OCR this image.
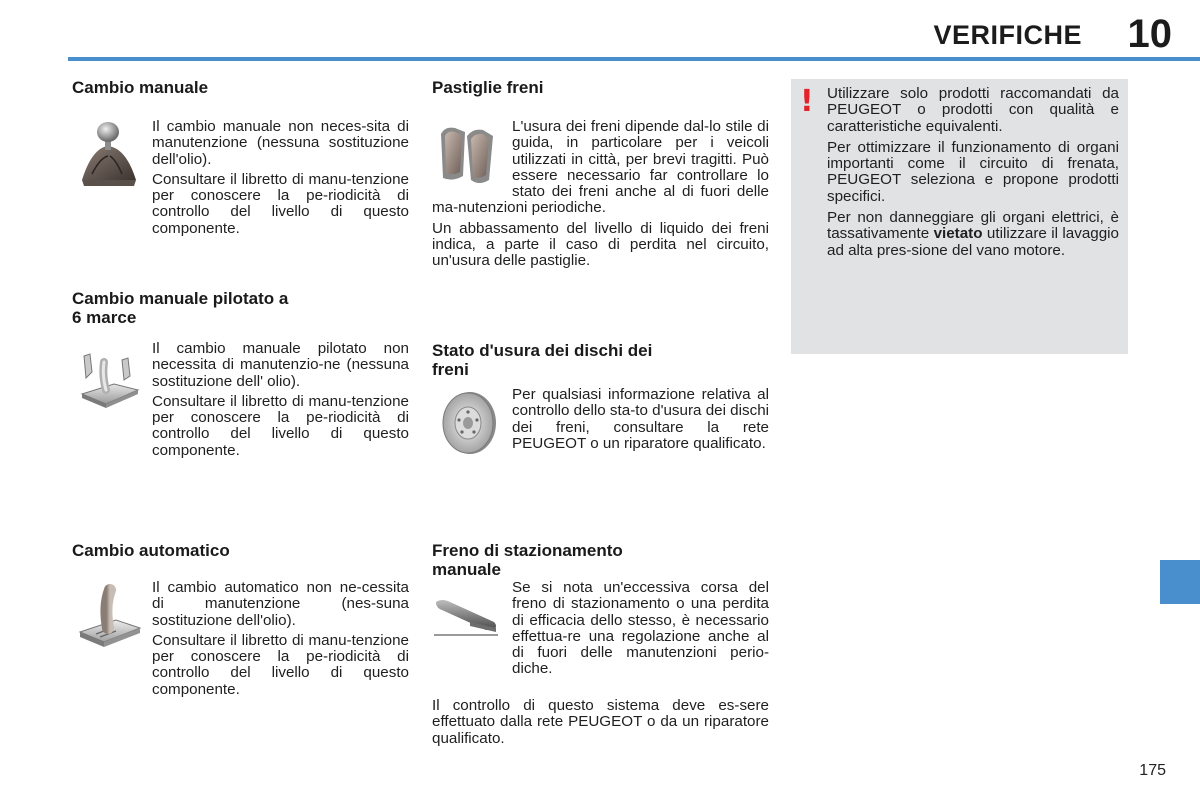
VERIFICHE 10
Cambio manuale

Il cambio manuale non neces-sita di manutenzione (nessuna sostituzione dell'olio).

Consultare il libretto di manu-tenzione per conoscere la pe-riodicità di controllo del livello di questo componente.

Cambio manuale pilotato a
6 marce

Il cambio manuale pilotato non necessita di manutenzio-ne (nessuna sostituzione dell' olio).

Consultare il libretto di manu-tenzione per conoscere la pe-riodicità di controllo del livello di questo componente.

Cambio automatico

Il cambio automatico non ne-cessita di manutenzione (nes-suna sostituzione dell'olio).

Consultare il libretto di manu-tenzione per conoscere la pe-riodicità di controllo del livello di questo componente.

Pastiglie freni

L'usura dei freni dipende dal-lo stile di guida, in particolare per i veicoli utilizzati in città, per brevi tragitti. Può essere necessario far controllare lo stato dei freni anche al di fuori delle ma-nutenzioni periodiche.

Un abbassamento del livello di liquido dei freni indica, a parte il caso di perdita nel circuito, un'usura delle pastiglie.

Stato d'usura dei dischi dei
freni

Per qualsiasi informazione relativa al controllo dello sta-to d'usura dei dischi dei freni, consultare la rete PEUGEOT o un riparatore qualificato.

Freno di stazionamento
manuale

Se si nota un'eccessiva corsa del freno di stazionamento o una perdita di efficacia dello stesso, è necessario effettua-re una regolazione anche al di fuori delle manutenzioni perio-diche.

Il controllo di questo sistema deve es-sere effettuato dalla rete PEUGEOT o da un riparatore qualificato.

! Utilizzare solo prodotti raccomandati da PEUGEOT o prodotti con qualità e caratteristiche equivalenti.

Per ottimizzare il funzionamento di organi importanti come il circuito di frenata, PEUGEOT seleziona e propone prodotti specifici.

Per non danneggiare gli organi elettrici, è tassativamente vietato utilizzare il lavaggio ad alta pres-sione del vano motore.

175
